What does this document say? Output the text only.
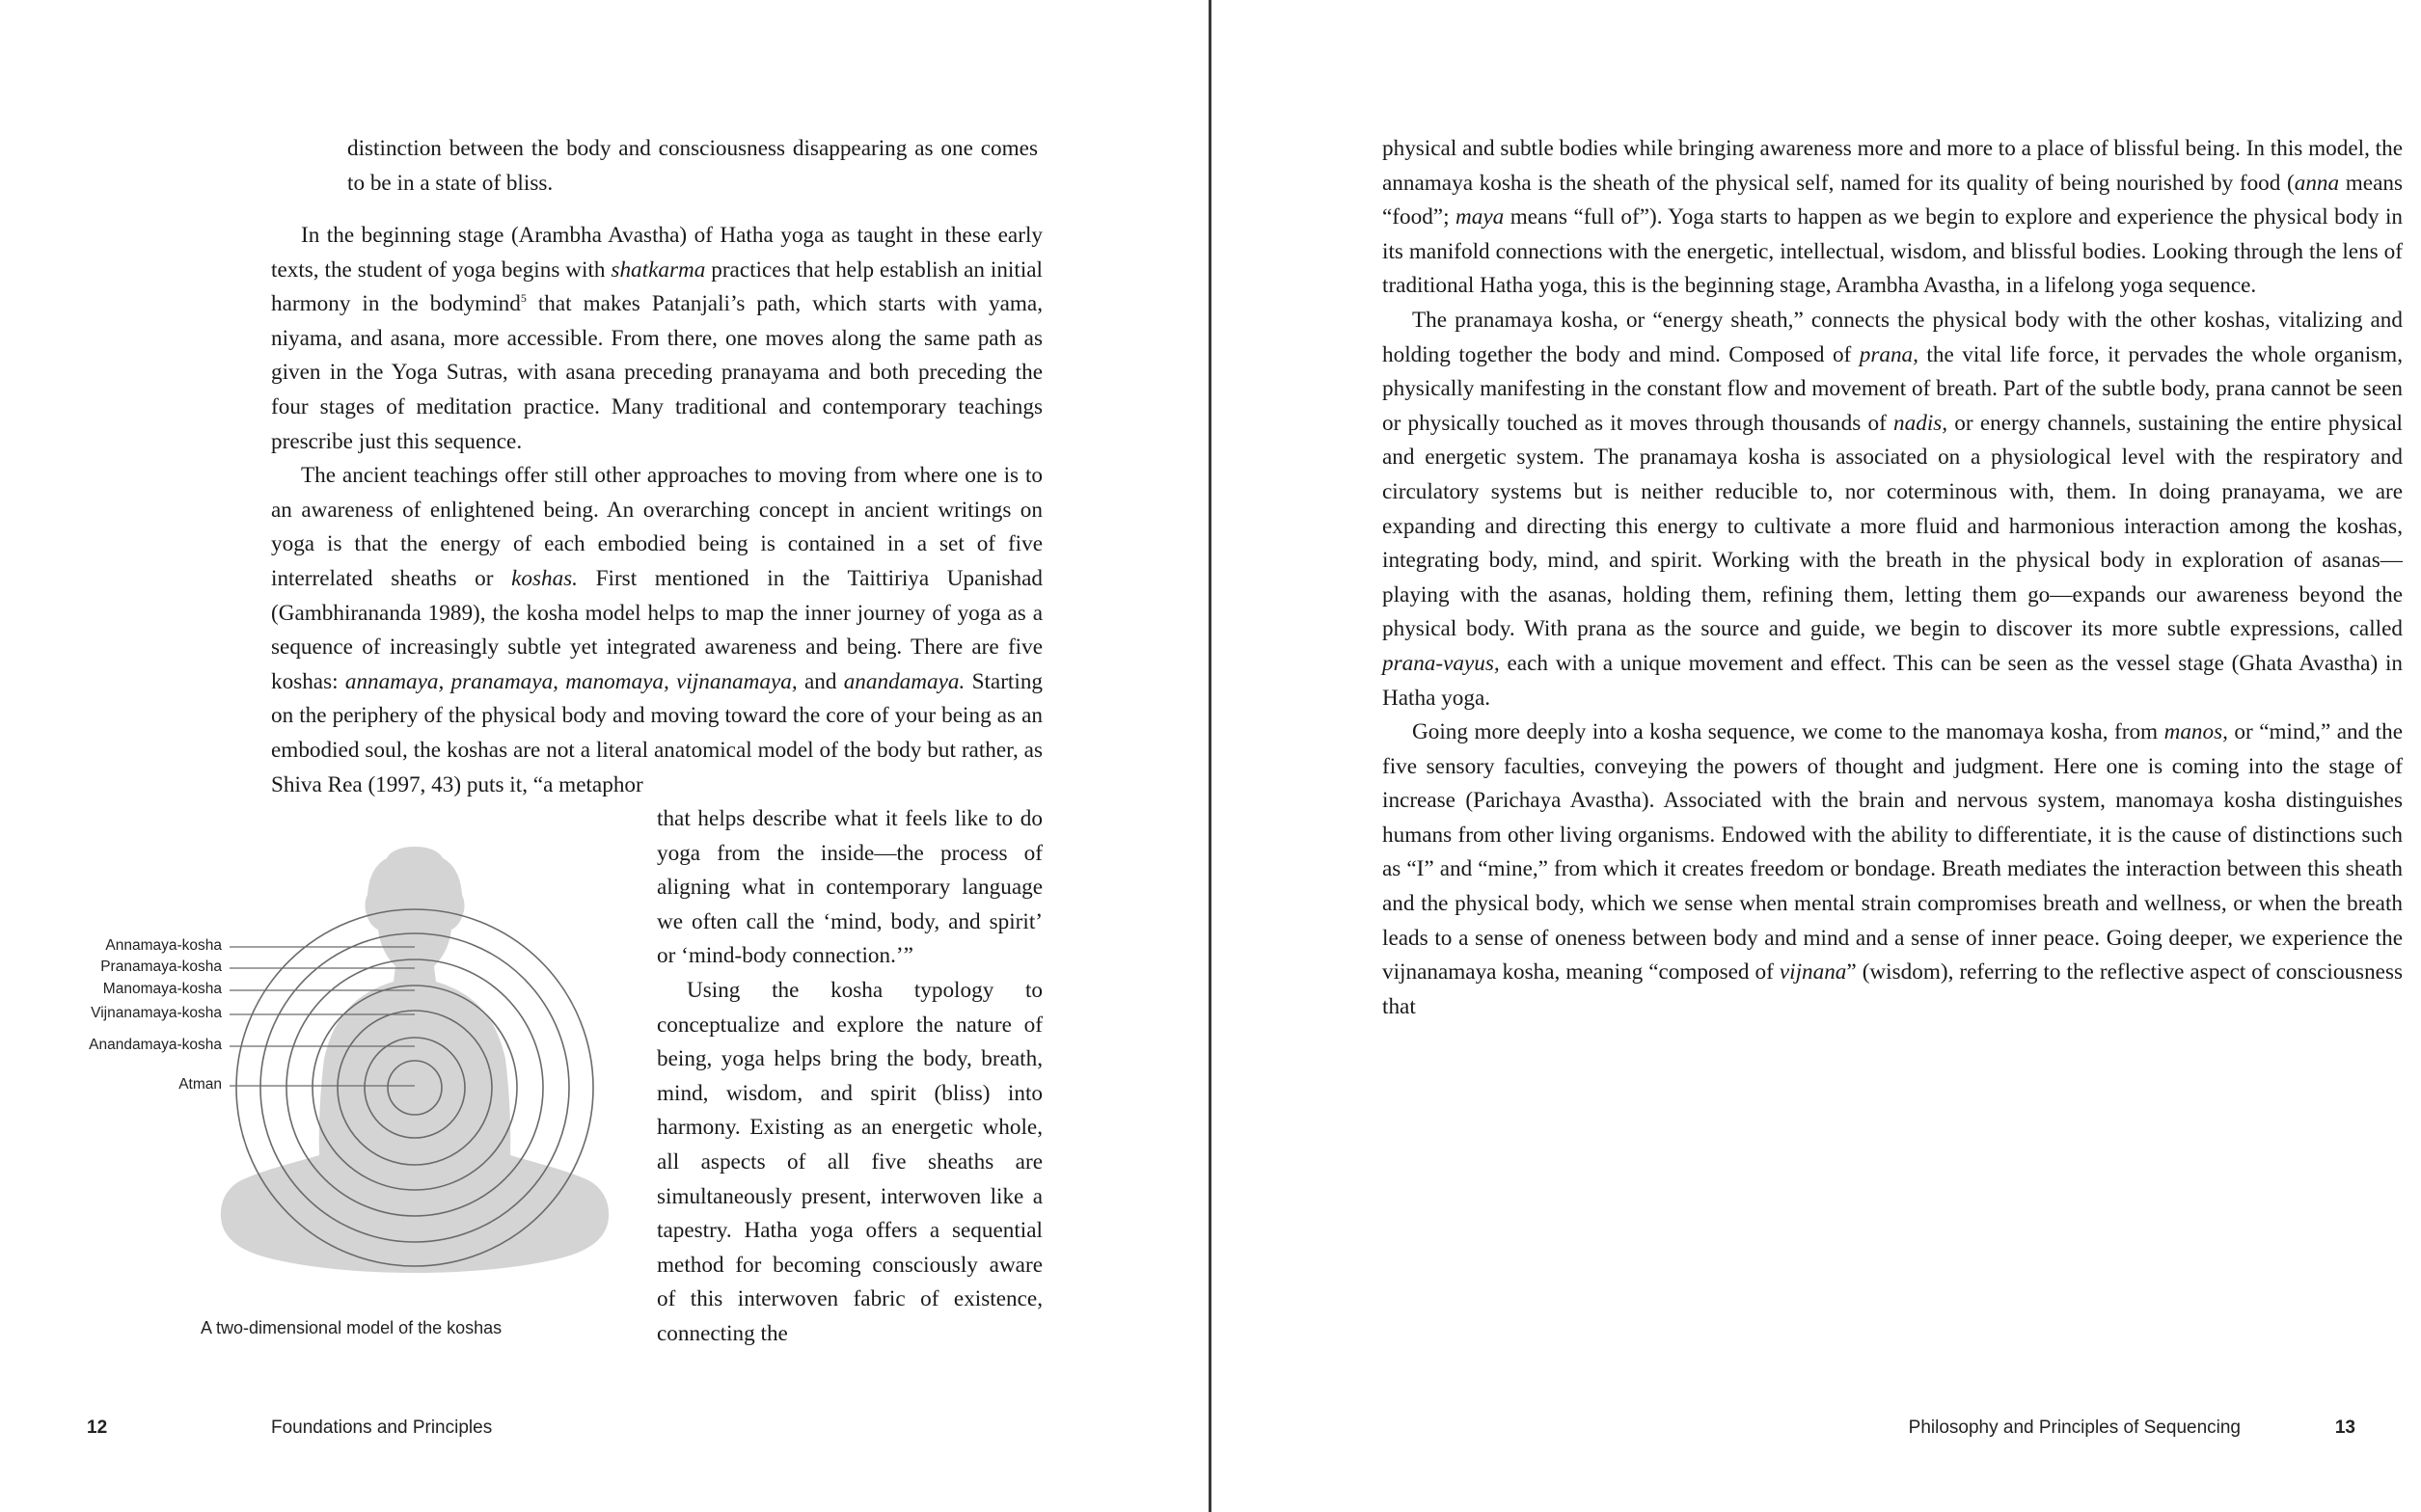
distinction between the body and consciousness disappearing as one comes to be in a state of bliss.

In the beginning stage (Arambha Avastha) of Hatha yoga as taught in these early texts, the student of yoga begins with shatkarma practices that help establish an initial harmony in the bodymind$^5$ that makes Patanjali’s path, which starts with yama, niyama, and asana, more accessible. From there, one moves along the same path as given in the Yoga Sutras, with asana preceding pranayama and both preceding the four stages of meditation practice. Many traditional and contemporary teachings prescribe just this sequence.

The ancient teachings offer still other approaches to moving from where one is to an awareness of enlightened being. An overarching concept in ancient writings on yoga is that the energy of each embodied being is contained in a set of five interrelated sheaths or koshas. First mentioned in the Taittiriya Upanishad (Gambhirananda 1989), the kosha model helps to map the inner journey of yoga as a sequence of increasingly subtle yet integrated awareness and being. There are five koshas: annamaya, pranamaya, manomaya, vijnanamaya, and anandamaya. Starting on the periphery of the physical body and moving toward the core of your being as an embodied soul, the koshas are not a literal anatomical model of the body but rather, as Shiva Rea (1997, 43) puts it, “a metaphor

that helps describe what it feels like to do yoga from the inside—the process of aligning what in contemporary language we often call the ‘mind, body, and spirit’ or ‘mind-body connection.’”

Using the kosha typology to conceptualize and explore the nature of being, yoga helps bring the body, breath, mind, wisdom, and spirit (bliss) into harmony. Existing as an energetic whole, all aspects of all five sheaths are simultaneously present, interwoven like a tapestry. Hatha yoga offers a sequential method for becoming consciously aware of this interwoven fabric of existence, connecting the

Annamaya-kosha
Pranamaya-kosha
Manomaya-kosha
Vijnanamaya-kosha
Anandamaya-kosha
Atman
A two-dimensional model of the koshas
12	Foundations and Principles

physical and subtle bodies while bringing awareness more and more to a place of blissful being. In this model, the annamaya kosha is the sheath of the physical self, named for its quality of being nourished by food (anna means “food”; maya means “full of”). Yoga starts to happen as we begin to explore and experience the physical body in its manifold connections with the energetic, intellectual, wisdom, and blissful bodies. Looking through the lens of traditional Hatha yoga, this is the beginning stage, Arambha Avastha, in a lifelong yoga sequence.

The pranamaya kosha, or “energy sheath,” connects the physical body with the other koshas, vitalizing and holding together the body and mind. Composed of prana, the vital life force, it pervades the whole organism, physically manifesting in the constant flow and movement of breath. Part of the subtle body, prana cannot be seen or physically touched as it moves through thousands of nadis, or energy channels, sustaining the entire physical and energetic system. The pranamaya kosha is associated on a physiological level with the respiratory and circulatory systems but is neither reducible to, nor coterminous with, them. In doing pranayama, we are expanding and directing this energy to cultivate a more fluid and harmonious interaction among the koshas, integrating body, mind, and spirit. Working with the breath in the physical body in exploration of asanas—playing with the asanas, holding them, refining them, letting them go—expands our awareness beyond the physical body. With prana as the source and guide, we begin to discover its more subtle expressions, called prana-vayus, each with a unique movement and effect. This can be seen as the vessel stage (Ghata Avastha) in Hatha yoga.

Going more deeply into a kosha sequence, we come to the manomaya kosha, from manos, or “mind,” and the five sensory faculties, conveying the powers of thought and judgment. Here one is coming into the stage of increase (Parichaya Avastha). Associated with the brain and nervous system, manomaya kosha distinguishes humans from other living organisms. Endowed with the ability to differentiate, it is the cause of distinctions such as “I” and “mine,” from which it creates freedom or bondage. Breath mediates the interaction between this sheath and the physical body, which we sense when mental strain compromises breath and wellness, or when the breath leads to a sense of oneness between body and mind and a sense of inner peace. Going deeper, we experience the vijnanamaya kosha, meaning “composed of vijnana” (wisdom), referring to the reflective aspect of consciousness that

Philosophy and Principles of Sequencing	13
